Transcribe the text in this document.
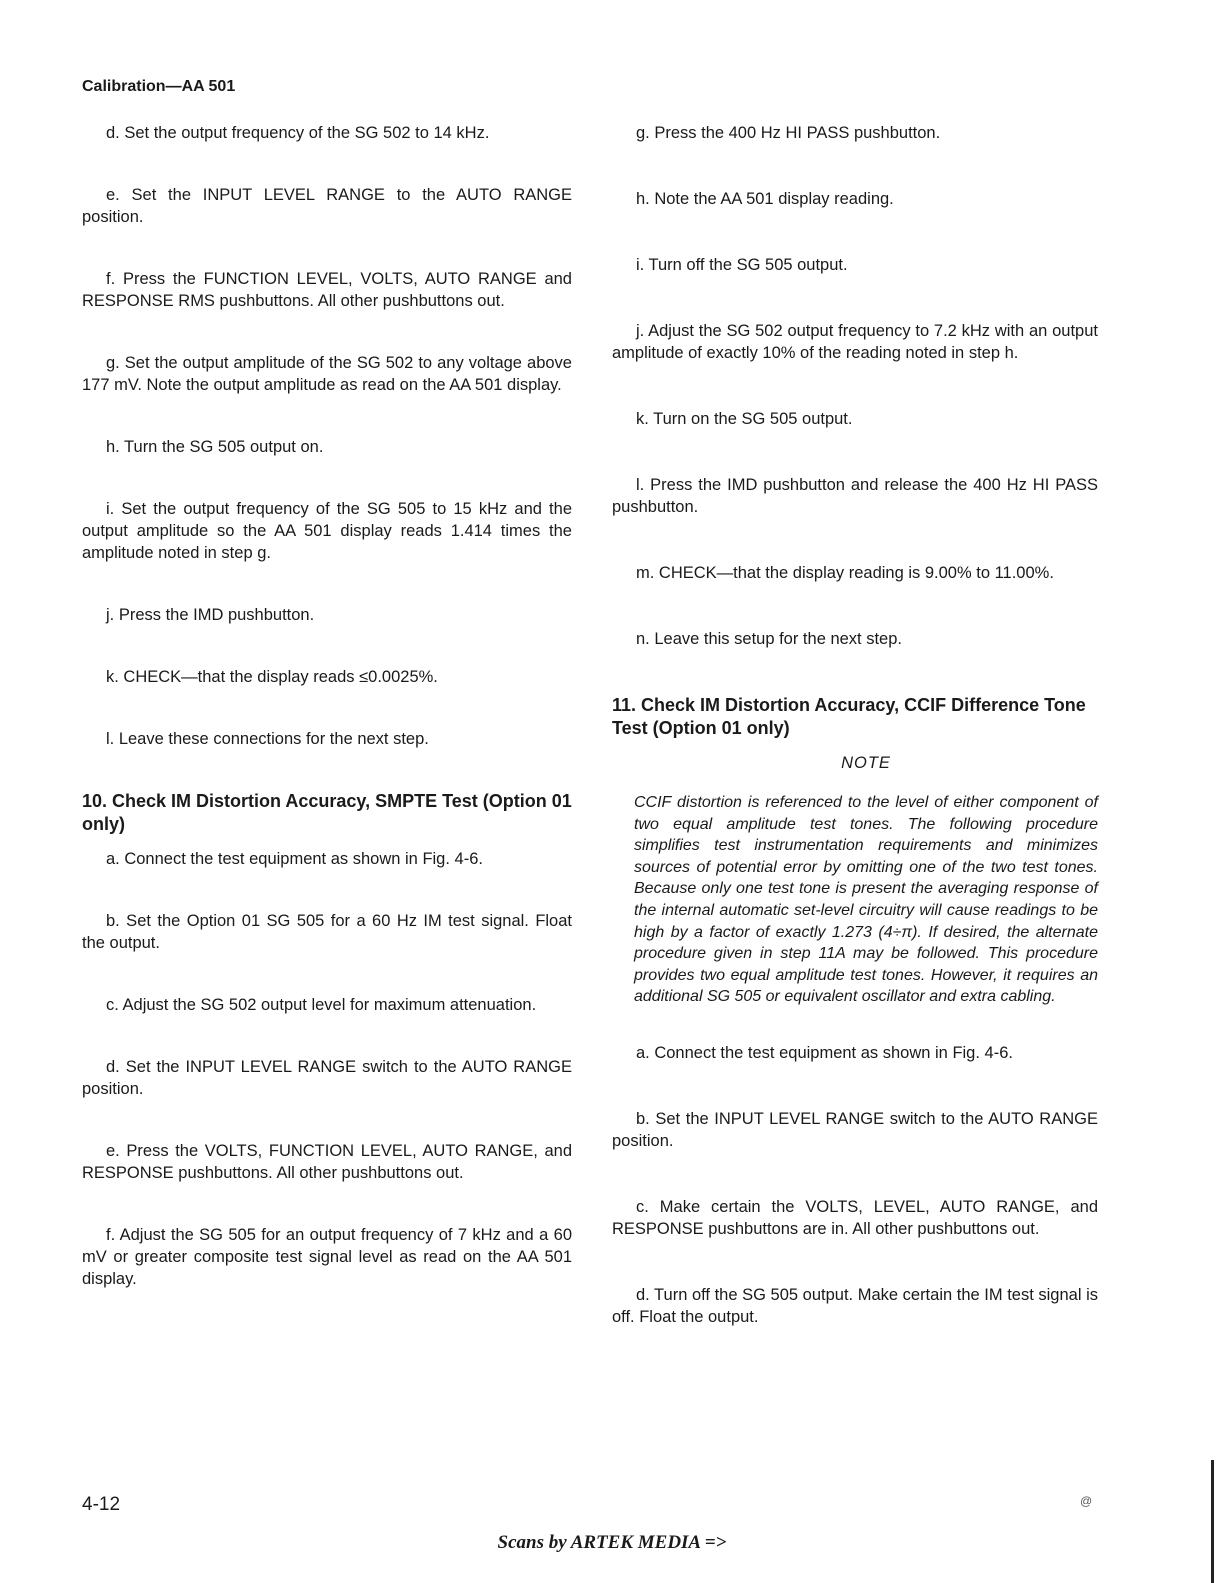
Calibration—AA 501

d. Set the output frequency of the SG 502 to 14 kHz.

e. Set the INPUT LEVEL RANGE to the AUTO RANGE position.

f. Press the FUNCTION LEVEL, VOLTS, AUTO RANGE and RESPONSE RMS pushbuttons. All other pushbuttons out.

g. Set the output amplitude of the SG 502 to any voltage above 177 mV. Note the output amplitude as read on the AA 501 display.

h. Turn the SG 505 output on.

i. Set the output frequency of the SG 505 to 15 kHz and the output amplitude so the AA 501 display reads 1.414 times the amplitude noted in step g.

j. Press the IMD pushbutton.

k. CHECK—that the display reads ≤0.0025%.

l. Leave these connections for the next step.

10. Check IM Distortion Accuracy, SMPTE Test (Option 01 only)

a. Connect the test equipment as shown in Fig. 4-6.

b. Set the Option 01 SG 505 for a 60 Hz IM test signal. Float the output.

c. Adjust the SG 502 output level for maximum attenuation.

d. Set the INPUT LEVEL RANGE switch to the AUTO RANGE position.

e. Press the VOLTS, FUNCTION LEVEL, AUTO RANGE, and RESPONSE pushbuttons. All other pushbuttons out.

f. Adjust the SG 505 for an output frequency of 7 kHz and a 60 mV or greater composite test signal level as read on the AA 501 display.

g. Press the 400 Hz HI PASS pushbutton.

h. Note the AA 501 display reading.

i. Turn off the SG 505 output.

j. Adjust the SG 502 output frequency to 7.2 kHz with an output amplitude of exactly 10% of the reading noted in step h.

k. Turn on the SG 505 output.

l. Press the IMD pushbutton and release the 400 Hz HI PASS pushbutton.

m. CHECK—that the display reading is 9.00% to 11.00%.

n. Leave this setup for the next step.

11. Check IM Distortion Accuracy, CCIF Difference Tone Test (Option 01 only)
NOTE

CCIF distortion is referenced to the level of either component of two equal amplitude test tones. The following procedure simplifies test instrumentation requirements and minimizes sources of potential error by omitting one of the two test tones. Because only one test tone is present the averaging response of the internal automatic set-level circuitry will cause readings to be high by a factor of exactly 1.273 (4÷π). If desired, the alternate procedure given in step 11A may be followed. This procedure provides two equal amplitude test tones. However, it requires an additional SG 505 or equivalent oscillator and extra cabling.

a. Connect the test equipment as shown in Fig. 4-6.

b. Set the INPUT LEVEL RANGE switch to the AUTO RANGE position.

c. Make certain the VOLTS, LEVEL, AUTO RANGE, and RESPONSE pushbuttons are in. All other pushbuttons out.

d. Turn off the SG 505 output. Make certain the IM test signal is off. Float the output.

4-12	@
Scans by ARTEK MEDIA =>
